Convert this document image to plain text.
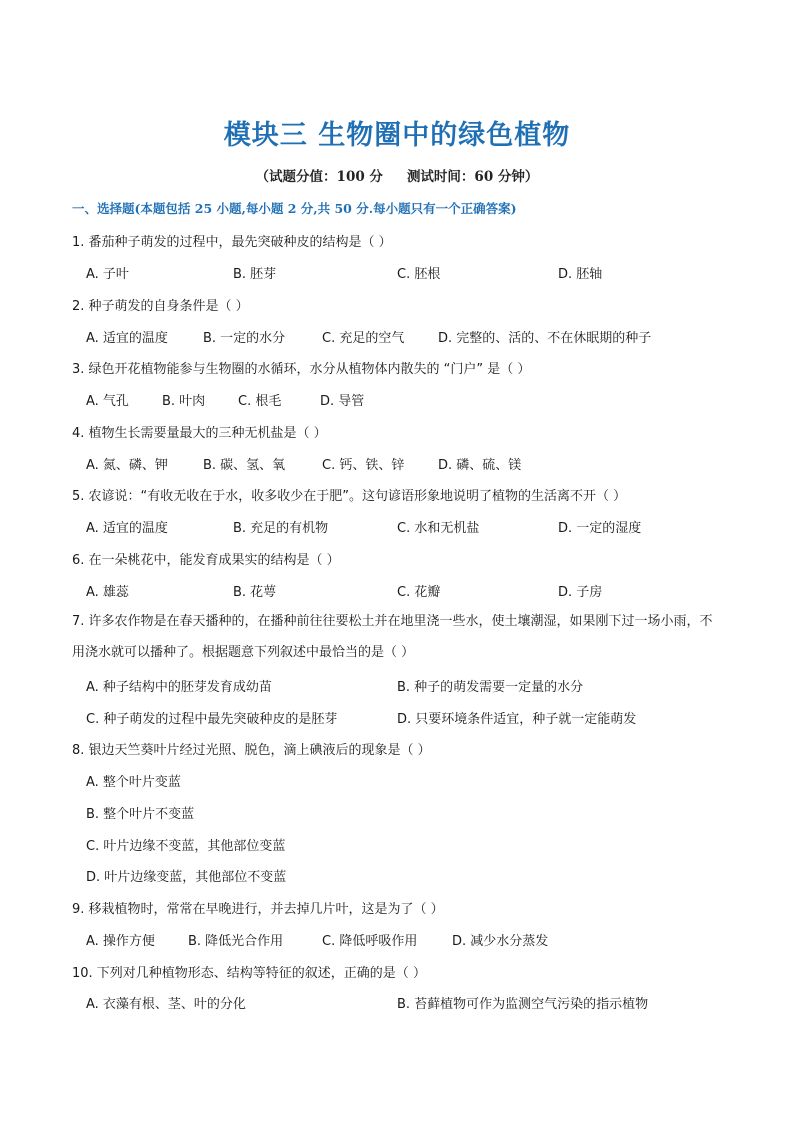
模块三 生物圈中的绿色植物
（试题分值：100 分 测试时间：60 分钟）
一、选择题(本题包括 25 小题,每小题 2 分,共 50 分.每小题只有一个正确答案)
1. 番茄种子萌发的过程中，最先突破种皮的结构是（ ）
A. 子叶	B. 胚芽	C. 胚根	D. 胚轴
2. 种子萌发的自身条件是（ ）
A. 适宜的温度	B. 一定的水分	C. 充足的空气	D. 完整的、活的、不在休眠期的种子
3. 绿色开花植物能参与生物圈的水循环，水分从植物体内散失的 “门户” 是（ ）
A. 气孔	B. 叶肉	C. 根毛	D. 导管
4. 植物生长需要量最大的三种无机盐是（ ）
A. 氮、磷、钾	B. 碳、氢、氧	C. 钙、铁、锌	D. 磷、硫、镁
5. 农谚说：“有收无收在于水，收多收少在于肥”。这句谚语形象地说明了植物的生活离不开（ ）
A. 适宜的温度	B. 充足的有机物	C. 水和无机盐	D. 一定的湿度
6. 在一朵桃花中，能发育成果实的结构是（ ）
A. 雄蕊	B. 花萼	C. 花瓣	D. 子房
7. 许多农作物是在春天播种的，在播种前往往要松土并在地里浇一些水，使土壤潮湿，如果刚下过一场小雨，不用浇水就可以播种了。根据题意下列叙述中最恰当的是（ ）
A. 种子结构中的胚芽发育成幼苗	B. 种子的萌发需要一定量的水分
C. 种子萌发的过程中最先突破种皮的是胚芽	D. 只要环境条件适宜，种子就一定能萌发
8. 银边天竺葵叶片经过光照、脱色，滴上碘液后的现象是（ ）
A. 整个叶片变蓝
B. 整个叶片不变蓝
C. 叶片边缘不变蓝，其他部位变蓝
D. 叶片边缘变蓝，其他部位不变蓝
9. 移栽植物时，常常在早晚进行，并去掉几片叶，这是为了（ ）
A. 操作方便	B. 降低光合作用	C. 降低呼吸作用	D. 减少水分蒸发
10. 下列对几种植物形态、结构等特征的叙述，正确的是（ ）
A. 衣藻有根、茎、叶的分化	B. 苔藓植物可作为监测空气污染的指示植物
